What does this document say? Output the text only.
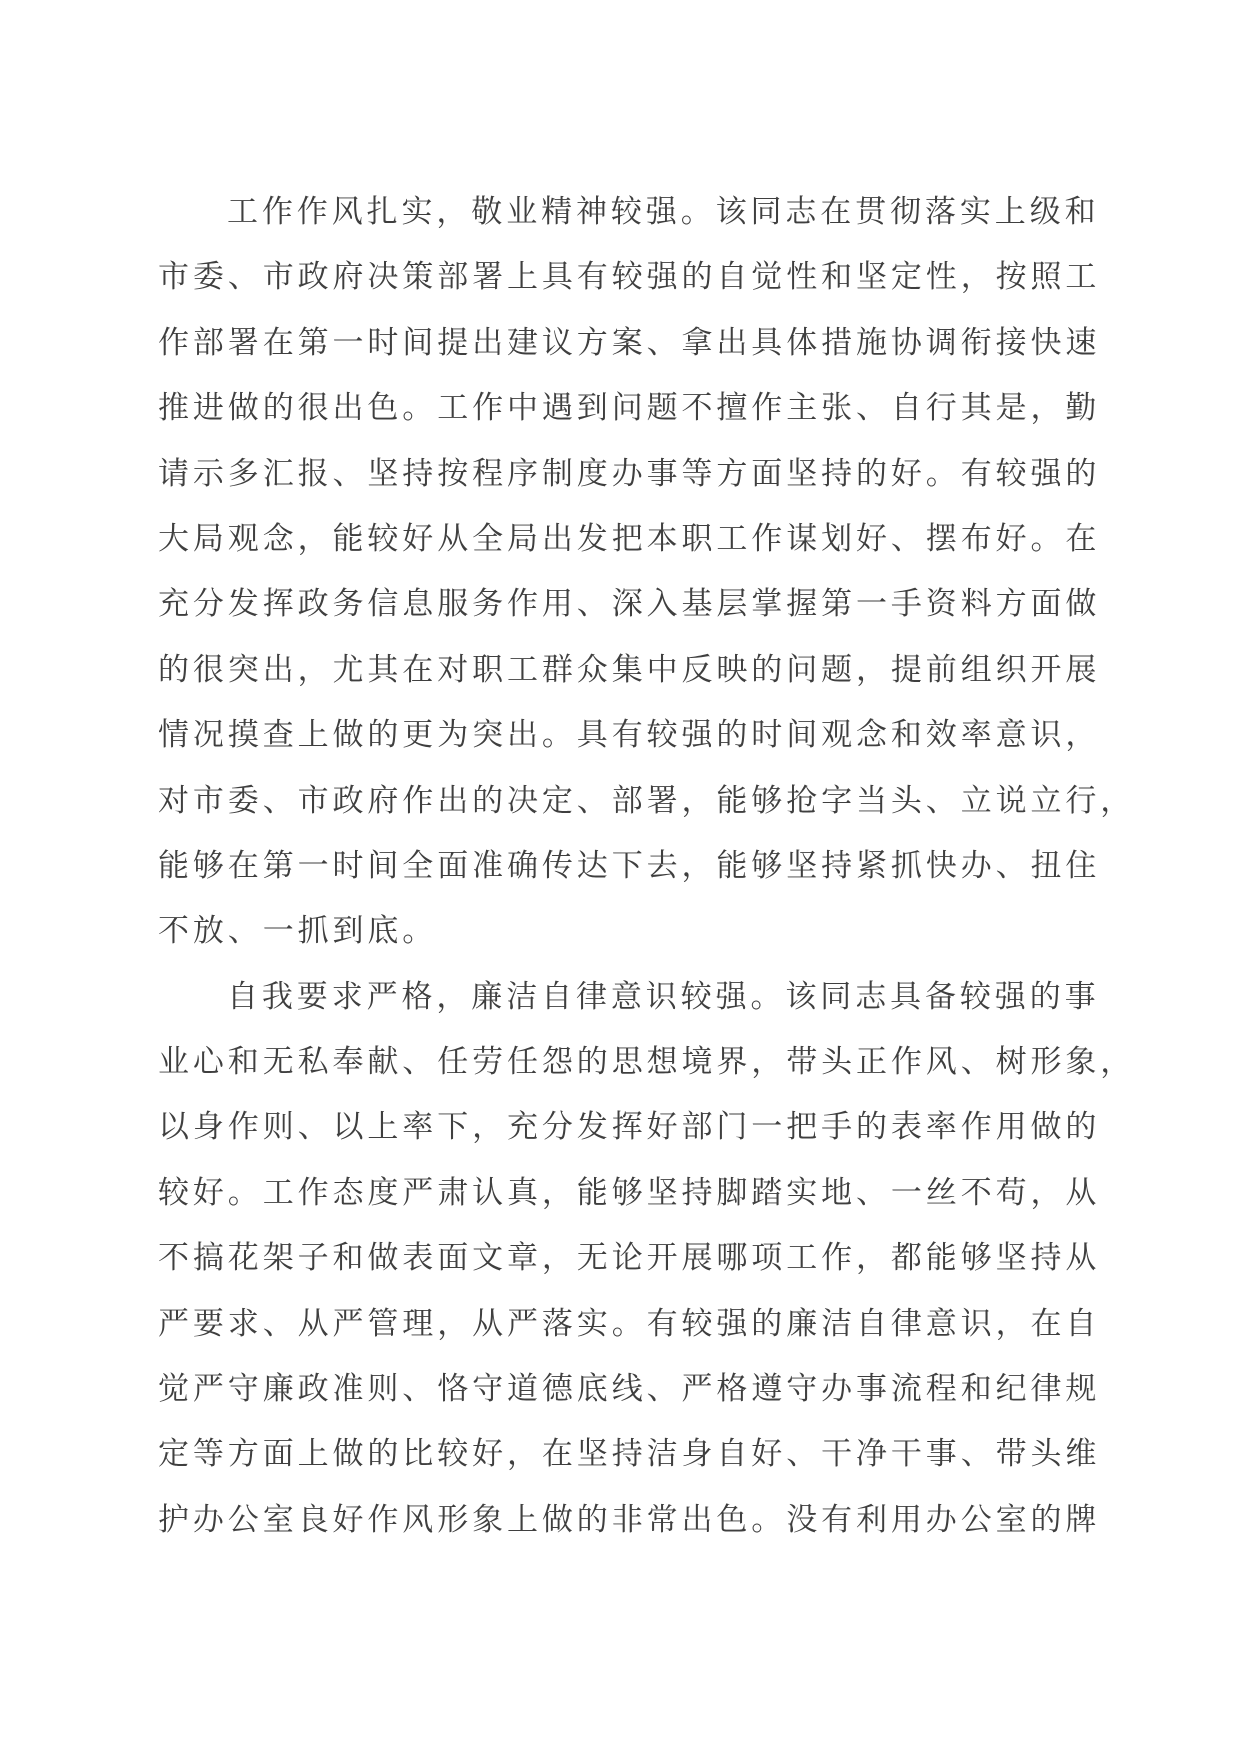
工作作风扎实，敬业精神较强。该同志在贯彻落实上级和
市委、市政府决策部署上具有较强的自觉性和坚定性，按照工
作部署在第一时间提出建议方案、拿出具体措施协调衔接快速
推进做的很出色。工作中遇到问题不擅作主张、自行其是，勤
请示多汇报、坚持按程序制度办事等方面坚持的好。有较强的
大局观念，能较好从全局出发把本职工作谋划好、摆布好。在
充分发挥政务信息服务作用、深入基层掌握第一手资料方面做
的很突出，尤其在对职工群众集中反映的问题，提前组织开展
情况摸查上做的更为突出。具有较强的时间观念和效率意识，
对市委、市政府作出的决定、部署，能够抢字当头、立说立行，
能够在第一时间全面准确传达下去，能够坚持紧抓快办、扭住
不放、一抓到底。
自我要求严格，廉洁自律意识较强。该同志具备较强的事
业心和无私奉献、任劳任怨的思想境界，带头正作风、树形象，
以身作则、以上率下，充分发挥好部门一把手的表率作用做的
较好。工作态度严肃认真，能够坚持脚踏实地、一丝不苟，从
不搞花架子和做表面文章，无论开展哪项工作，都能够坚持从
严要求、从严管理，从严落实。有较强的廉洁自律意识，在自
觉严守廉政准则、恪守道德底线、严格遵守办事流程和纪律规
定等方面上做的比较好，在坚持洁身自好、干净干事、带头维
护办公室良好作风形象上做的非常出色。没有利用办公室的牌
